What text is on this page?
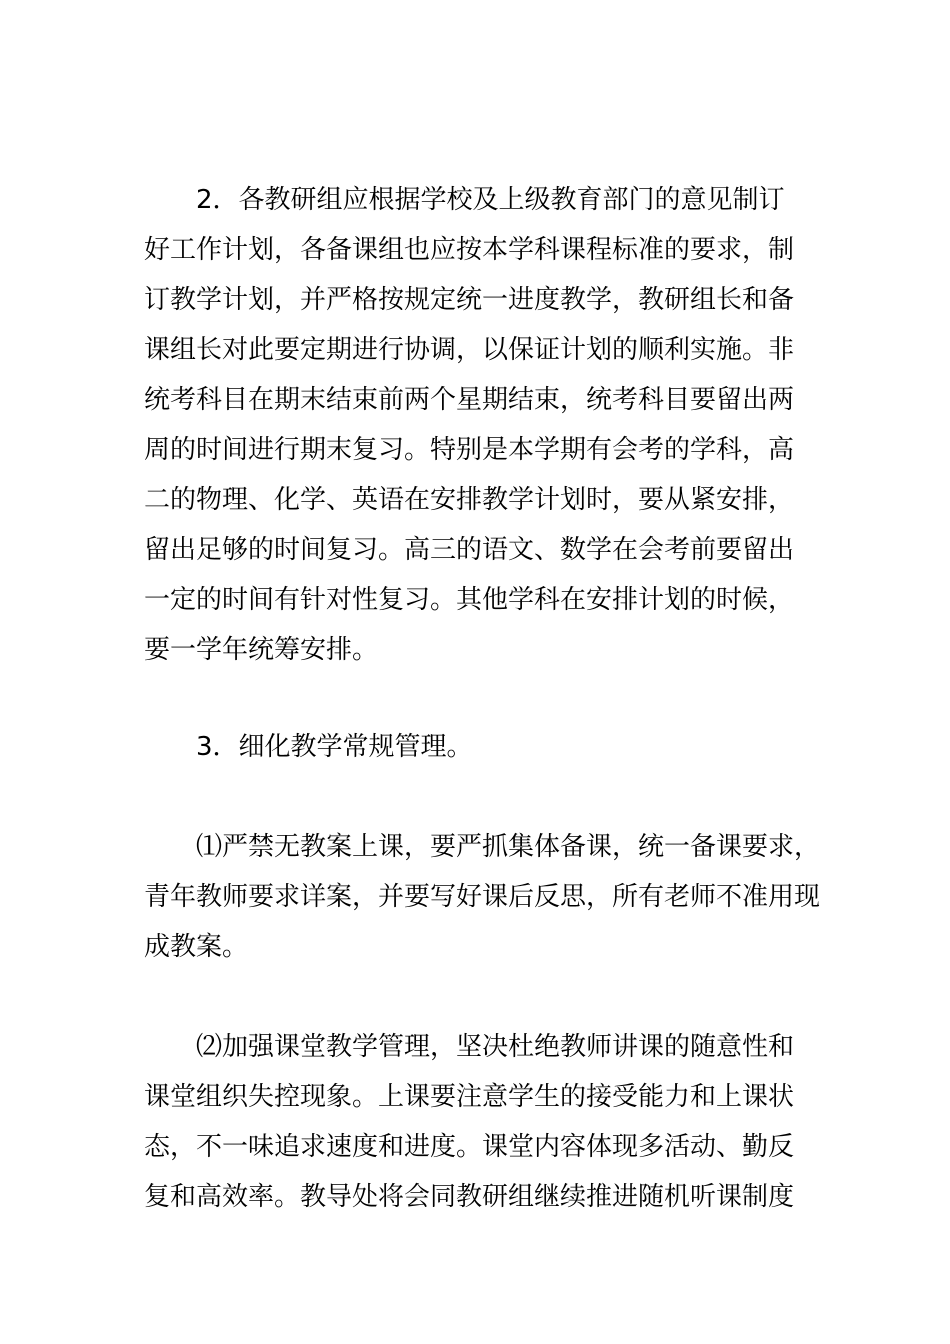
2．各教研组应根据学校及上级教育部门的意见制订好工作计划，各备课组也应按本学科课程标准的要求，制订教学计划，并严格按规定统一进度教学，教研组长和备课组长对此要定期进行协调，以保证计划的顺利实施。非统考科目在期末结束前两个星期结束，统考科目要留出两周的时间进行期末复习。特别是本学期有会考的学科，高二的物理、化学、英语在安排教学计划时，要从紧安排，留出足够的时间复习。高三的语文、数学在会考前要留出一定的时间有针对性复习。其他学科在安排计划的时候，要一学年统筹安排。

3．细化教学常规管理。

⑴严禁无教案上课，要严抓集体备课，统一备课要求，青年教师要求详案，并要写好课后反思，所有老师不准用现成教案。

⑵加强课堂教学管理，坚决杜绝教师讲课的随意性和课堂组织失控现象。上课要注意学生的接受能力和上课状态，不一味追求速度和进度。课堂内容体现多活动、勤反复和高效率。教导处将会同教研组继续推进随机听课制度
